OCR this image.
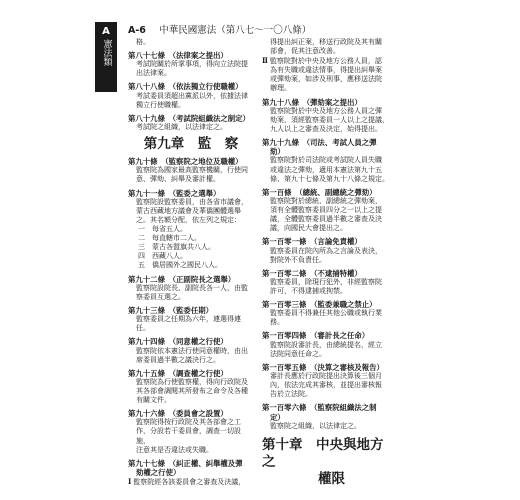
A
憲法類
A-6 中華民國憲法（第八七～一〇八條）
格。
第八十七條　（法律案之提出）
考試院關於所掌事項，得向立法院提
出法律案。
第八十八條　（依法獨立行使職權）
考試委員須超出黨派以外，依據法律
獨立行使職權。
第八十九條　（考試院組織法之制定）
考試院之組織，以法律定之。
第九章　監　察
第九十條　（監察院之地位及職權）
監察院為國家最高監察機關，行使同
意、彈劾、糾舉及審計權。
第九十一條　（監委之選舉）
監察院設監察委員，由各省市議會，
蒙古西藏地方議會及華僑團體選舉
之。其名額分配，依左列之規定：
一　每省五人。
二　每直轄市二人。
三　蒙古各盟旗共八人。
四　西藏八人。
五　僑居國外之國民八人。
第九十二條　（正副院長之選舉）
監察院設院長、副院長各一人，由監
察委員互選之。
第九十三條　（監委任期）
監察委員之任期為六年，連選得連任。
第九十四條　（同意權之行使）
監察院依本憲法行使同意權時，由出
席委員過半數之議決行之。
第九十五條　（調查權之行使）
監察院為行使監察權，得向行政院及
其各部會調閱其所發布之命令及各種
有關文件。
第九十六條　（委員會之設置）
監察院得按行政院及其各部會之工
作，分設若干委員會，調查一切設施，
注意其是否違法或失職。
第九十七條　（糾正權、糾舉權及彈
劾權之行使）
Ⅰ 監察院經各該委員會之審查及決議，
得提出糾正案，移送行政院及其有關
部會，促其注意改善。
Ⅱ 監察院對於中央及地方公務人員，認
為有失職或違法情事，得提出糾舉案
或彈劾案，如涉及刑事，應移送法院
辦理。
第九十八條　（彈劾案之提出）
監察院對於中央及地方公務人員之彈
劾案，須經監察委員一人以上之提議，
九人以上之審查及決定，始得提出。
第九十九條　（司法、考試人員之彈
劾）
監察院對於司法院或考試院人員失職
或違法之彈劾，適用本憲法第九十五
條、第九十七條及第九十八條之規定。
第一百條　（總統、副總統之彈劾）
監察院對於總統、副總統之彈劾案，
須有全體監察委員四分之一以上之提
議，全體監察委員過半數之審查及決
議，向國民大會提出之。
第一百零一條　（言論免責權）
監察委員在院內所為之言論及表決，
對院外不負責任。
第一百零二條　（不逮捕特權）
監察委員，除現行犯外，非經監察院
許可，不得逮捕或拘禁。
第一百零三條　（監委兼職之禁止）
監察委員不得兼任其他公職或執行業
務。
第一百零四條　（審計長之任命）
監察院設審計長，由總統提名，經立
法院同意任命之。
第一百零五條　（決算之審核及報告）
審計長應於行政院提出決算後三個月
內，依法完成其審核，並提出審核報
告於立法院。
第一百零六條　（監察院組織法之制
定）
監察院之組織，以法律定之。
第十章　中央與地方之
權限
